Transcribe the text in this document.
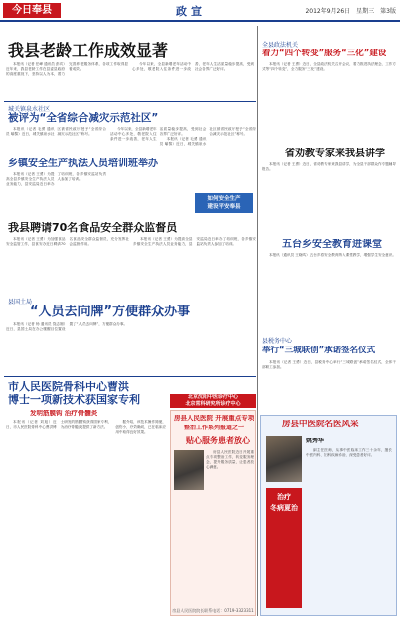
今日奉县	政宣	2012年9月26日　星期三　第3版
我县老龄工作成效显著

本报讯（记者 任峰 通讯员 彭宾）近年来，我县老龄工作在县委县政府的高度重视下，坚持以人为本，着力完善养老服务体系，各项工作取得显著成效。

今年以来，全县新增老年活动中心多处，敬老院入住条件进一步改善，老年人生活质量稳步提高，受到社会各界广泛好评。

城关镇泉水社区
被评为“全省综合减灾示范社区”

本报讯（记者 毛勇 通讯员 喻黎）近日，城关镇泉水社区被省民政厅授予“全省综合减灾示范社区”称号。

乡镇安全生产执法人员培训班举办

本报讯（记者 王勇）为提高全县乡镇安全生产执法人员业务能力，县安监局近日举办了培训班，各乡镇安监站负责人参加了培训。

今年以来，全县新增老年活动中心多处，敬老院入住条件进一步改善，老年人生活质量稳步提高，受到社会各界广泛好评。

本报讯（记者 毛勇 通讯员 喻黎）近日，城关镇泉水社区被省民政厅授予“全省综合减灾示范社区”称号。

如何安全生产
建设平安奉县
我县聘请70名食品安全群众监督员

本报讯（记者 王勇）为加强食品安全监管工作，县食安办近日聘请70名食品安全群众监督员，充分发挥社会监督作用。

本报讯（记者 王勇）为提高全县乡镇安全生产执法人员业务能力，县安监局近日举办了培训班，各乡镇安监站负责人参加了培训。

县国土局
“人员去向牌”方便群众办事

本报讯（记者 杨 通讯员 饶志刚）近日，县国土局在办公楼醒目位置设置了“人员去向牌”，方便群众办事。

北京沈阳中医诊疗中心
北京常科研究所诊疗中心
市人民医院骨科中心曹洪
博士一项新技术获国家专利
发明筋膜钩 治疗骨髓炎

本报讯（记者 刘旭）近日，市人民医院骨科中心曹洪博士研发的筋膜钩获得国家专利，为治疗骨髓炎提供了新方法。

据介绍，该技术操作简便，创伤小，疗效确切，已在临床应用中取得良好效果。

房县人民医院 开展重点专项
整治工作系列报道之一
贴心服务患者放心

房县人民医院近日开展重点专项整治工作，转变服务理念，提升服务质量，让患者放心满意。

房县人民医院院长联系电话：0719-3323311
全县政法机关
着力“四个转变”服务“三化”建设

本报讯（记者 王勇）近日，全县政法机关召开会议，着力推进执法理念、工作方式等“四个转变”，全力服务“三化”建设。

省劝教专家来我县讲学

本报讯（记者 王勇）近日，省劝教专家来我县讲学，为全县干部群众作专题辅导报告。

五台乡安全教育进课堂

本报讯（通讯员 王晓鸣）五台乡将安全教育纳入课堂教学，增强学生安全意识。

县税务中心
举行“三城联创”承诺签名仪式

本报讯（记者 王勇）近日，县税务中心举行“三城联创”承诺签名仪式，全体干部职工参加。

房县中医院名医风采
姚秀华

副主任医师，从事中医临床工作三十余年，擅长中医内科、妇科疾病诊治，深受患者好评。

治疗
冬病夏治
